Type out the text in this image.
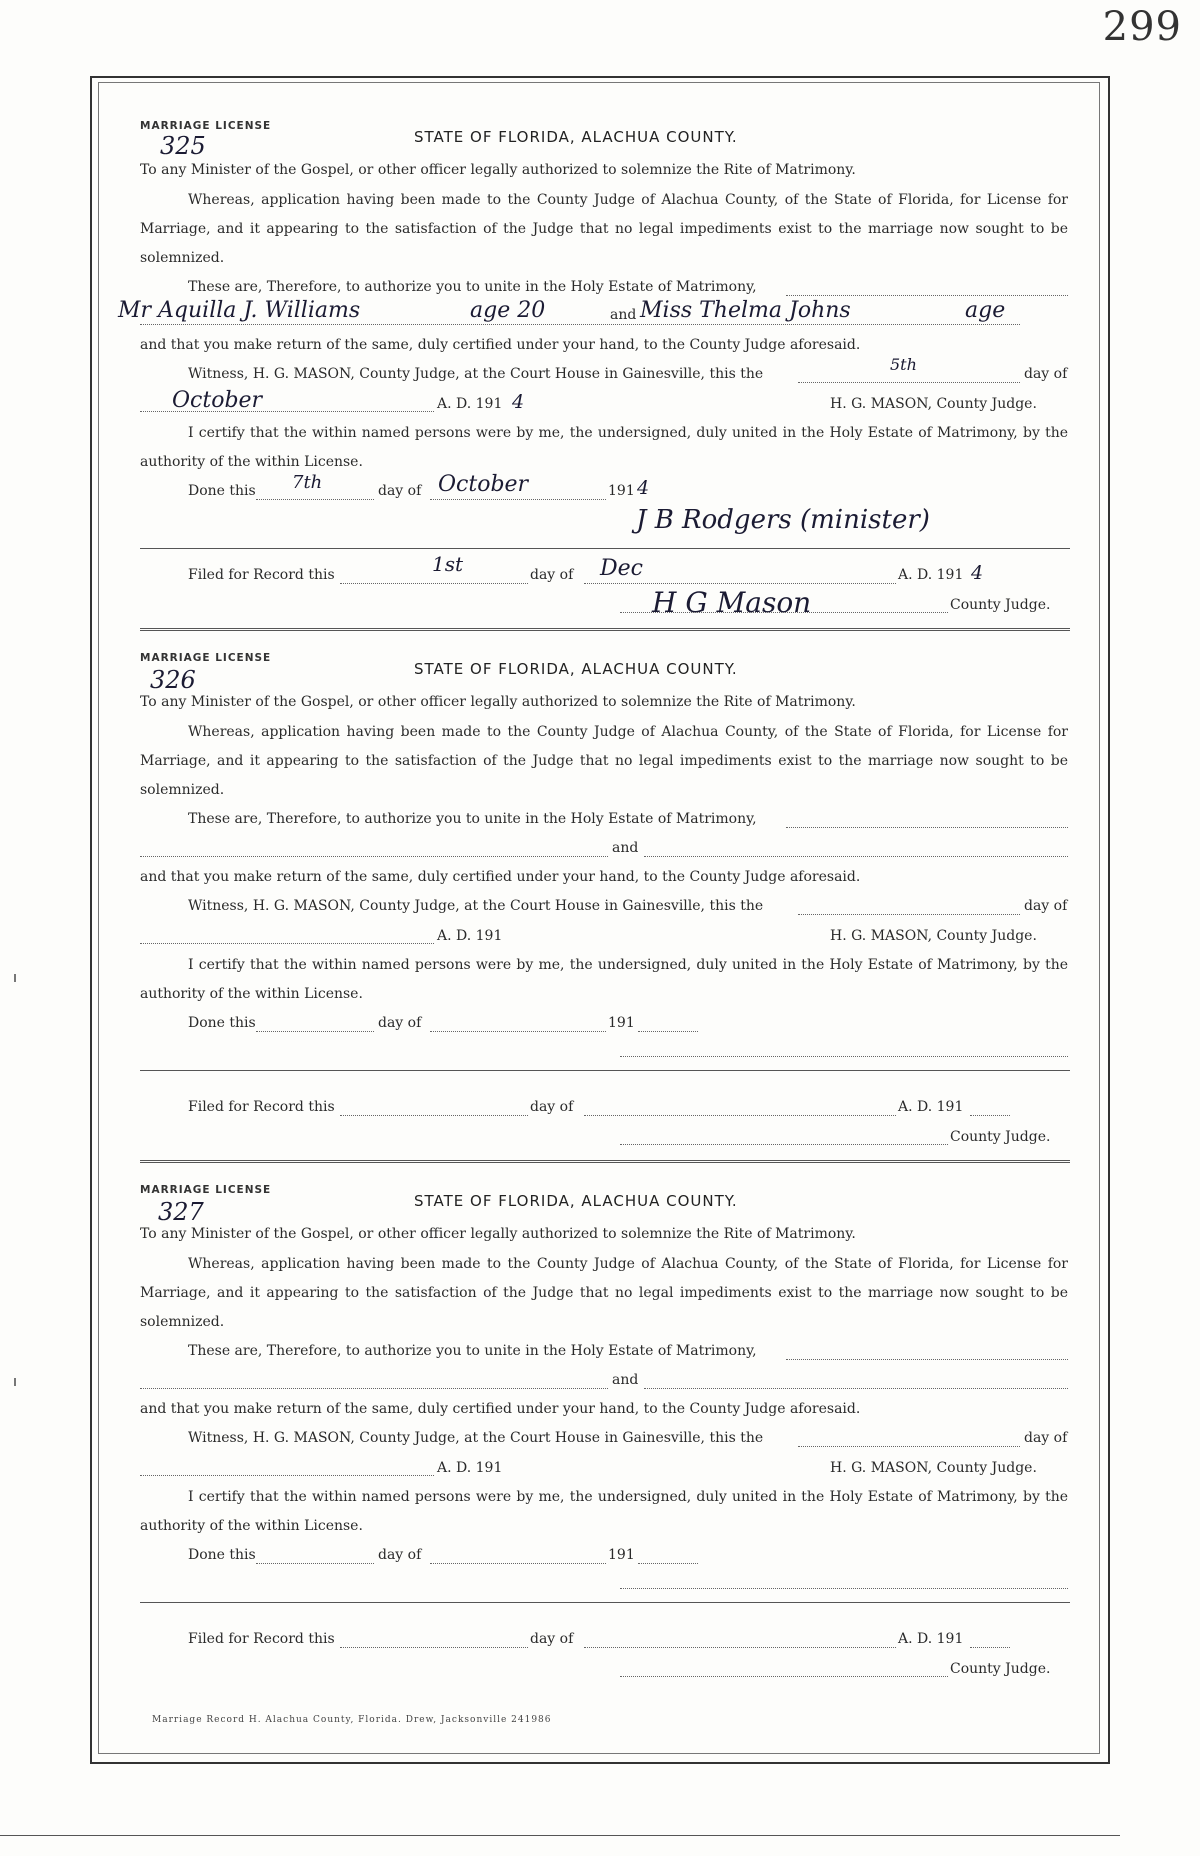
299
MARRIAGE LICENSE
325	STATE OF FLORIDA, ALACHUA COUNTY.
To any Minister of the Gospel, or other officer legally authorized to solemnize the Rite of Matrimony.
Whereas, application having been made to the County Judge of Alachua County, of the State of Florida, for License for
Marriage, and it appearing to the satisfaction of the Judge that no legal impediments exist to the marriage now sought to be
solemnized.
These are, Therefore, to authorize you to unite in the Holy Estate of Matrimony,
Mr Aquilla J. Williams	age 20	and Miss Thelma Johns	age
and that you make return of the same, duly certified under your hand, to the County Judge aforesaid.
Witness, H. G. MASON, County Judge, at the Court House in Gainesville, this the	5th	day of
October	A. D. 191 4	H. G. MASON, County Judge.
I certify that the within named persons were by me, the undersigned, duly united in the Holy Estate of Matrimony, by the
authority of the within License.
Done this 7th	day of October	191 4
J B Rodgers (minister)
Filed for Record this	1st	day of Dec	A. D. 191 4
H G Mason	County Judge.
MARRIAGE LICENSE
326	STATE OF FLORIDA, ALACHUA COUNTY.
To any Minister of the Gospel, or other officer legally authorized to solemnize the Rite of Matrimony.
Whereas, application having been made to the County Judge of Alachua County, of the State of Florida, for License for
Marriage, and it appearing to the satisfaction of the Judge that no legal impediments exist to the marriage now sought to be
solemnized.
These are, Therefore, to authorize you to unite in the Holy Estate of Matrimony,
and
and that you make return of the same, duly certified under your hand, to the County Judge aforesaid.
Witness, H. G. MASON, County Judge, at the Court House in Gainesville, this the	day of
A. D. 191	H. G. MASON, County Judge.
I certify that the within named persons were by me, the undersigned, duly united in the Holy Estate of Matrimony, by the
authority of the within License.
Done this	day of	191
Filed for Record this	day of	A. D. 191
County Judge.
MARRIAGE LICENSE
327	STATE OF FLORIDA, ALACHUA COUNTY.
To any Minister of the Gospel, or other officer legally authorized to solemnize the Rite of Matrimony.
Whereas, application having been made to the County Judge of Alachua County, of the State of Florida, for License for
Marriage, and it appearing to the satisfaction of the Judge that no legal impediments exist to the marriage now sought to be
solemnized.
These are, Therefore, to authorize you to unite in the Holy Estate of Matrimony,
and
and that you make return of the same, duly certified under your hand, to the County Judge aforesaid.
Witness, H. G. MASON, County Judge, at the Court House in Gainesville, this the	day of
A. D. 191	H. G. MASON, County Judge.
I certify that the within named persons were by me, the undersigned, duly united in the Holy Estate of Matrimony, by the
authority of the within License.
Done this	day of	191
Filed for Record this	day of	A. D. 191
County Judge.
Marriage Record H. Alachua County, Florida. Drew, Jacksonville 241986
